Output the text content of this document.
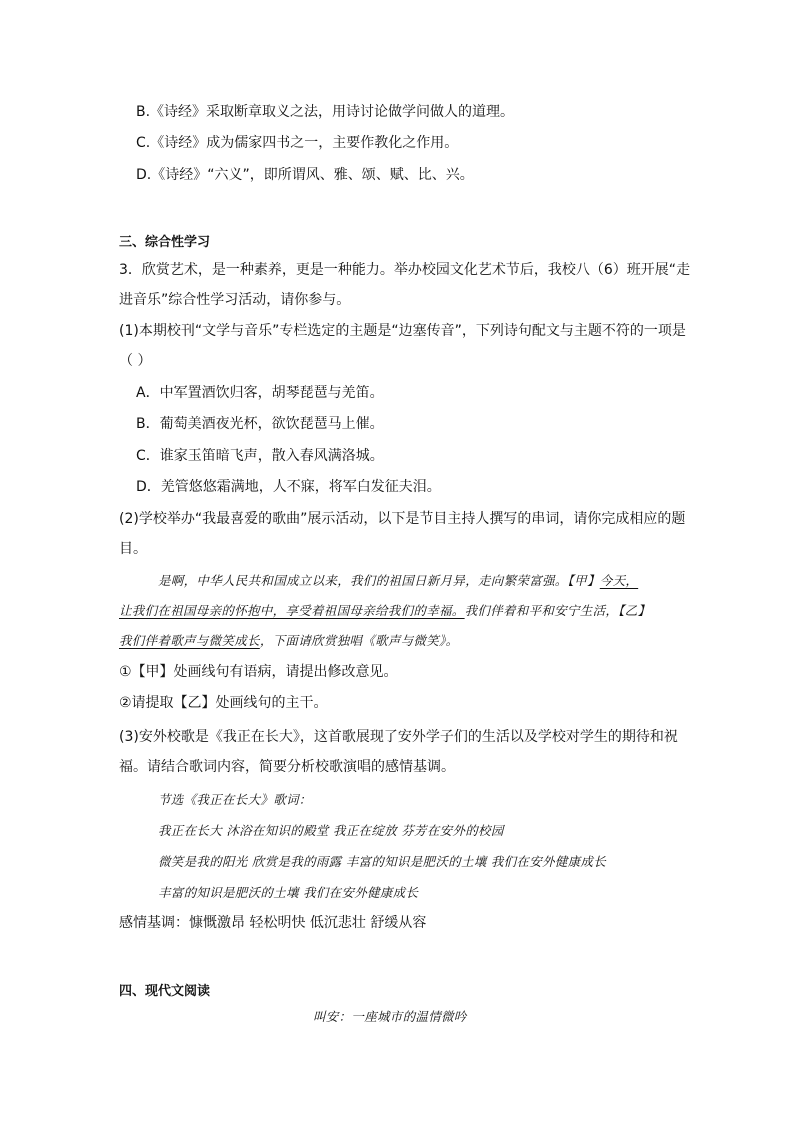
B.《诗经》采取断章取义之法，用诗讨论做学问做人的道理。
C.《诗经》成为儒家四书之一，主要作教化之作用。
D.《诗经》“六义”，即所谓风、雅、颂、赋、比、兴。
三、综合性学习
3．欣赏艺术，是一种素养，更是一种能力。举办校园文化艺术节后，我校八（6）班开展“走
进音乐”综合性学习活动，请你参与。
(1)本期校刊“文学与音乐”专栏选定的主题是“边塞传音”，下列诗句配文与主题不符的一项是
（ ）
A．中军置酒饮归客，胡琴琵琶与羌笛。
B．葡萄美酒夜光杯，欲饮琵琶马上催。
C．谁家玉笛暗飞声，散入春风满洛城。
D．羌管悠悠霜满地，人不寐，将军白发征夫泪。
(2)学校举办“我最喜爱的歌曲”展示活动，以下是节目主持人撰写的串词，请你完成相应的题
目。
是啊，中华人民共和国成立以来，我们的祖国日新月异，走向繁荣富强。【甲】今天，
让我们在祖国母亲的怀抱中，享受着祖国母亲给我们的幸福。我们伴着和平和安宁生活，【乙】
我们伴着歌声与微笑成长，下面请欣赏独唱《歌声与微笑》。
①【甲】处画线句有语病，请提出修改意见。
②请提取【乙】处画线句的主干。
(3)安外校歌是《我正在长大》，这首歌展现了安外学子们的生活以及学校对学生的期待和祝
福。请结合歌词内容，简要分析校歌演唱的感情基调。
节选《我正在长大》歌词：
我正在长大 沐浴在知识的殿堂 我正在绽放 芬芳在安外的校园
微笑是我的阳光 欣赏是我的雨露 丰富的知识是肥沃的土壤 我们在安外健康成长
丰富的知识是肥沃的土壤 我们在安外健康成长
感情基调：慷慨激昂 轻松明快 低沉悲壮 舒缓从容
四、现代文阅读
叫安：一座城市的温情微吟
